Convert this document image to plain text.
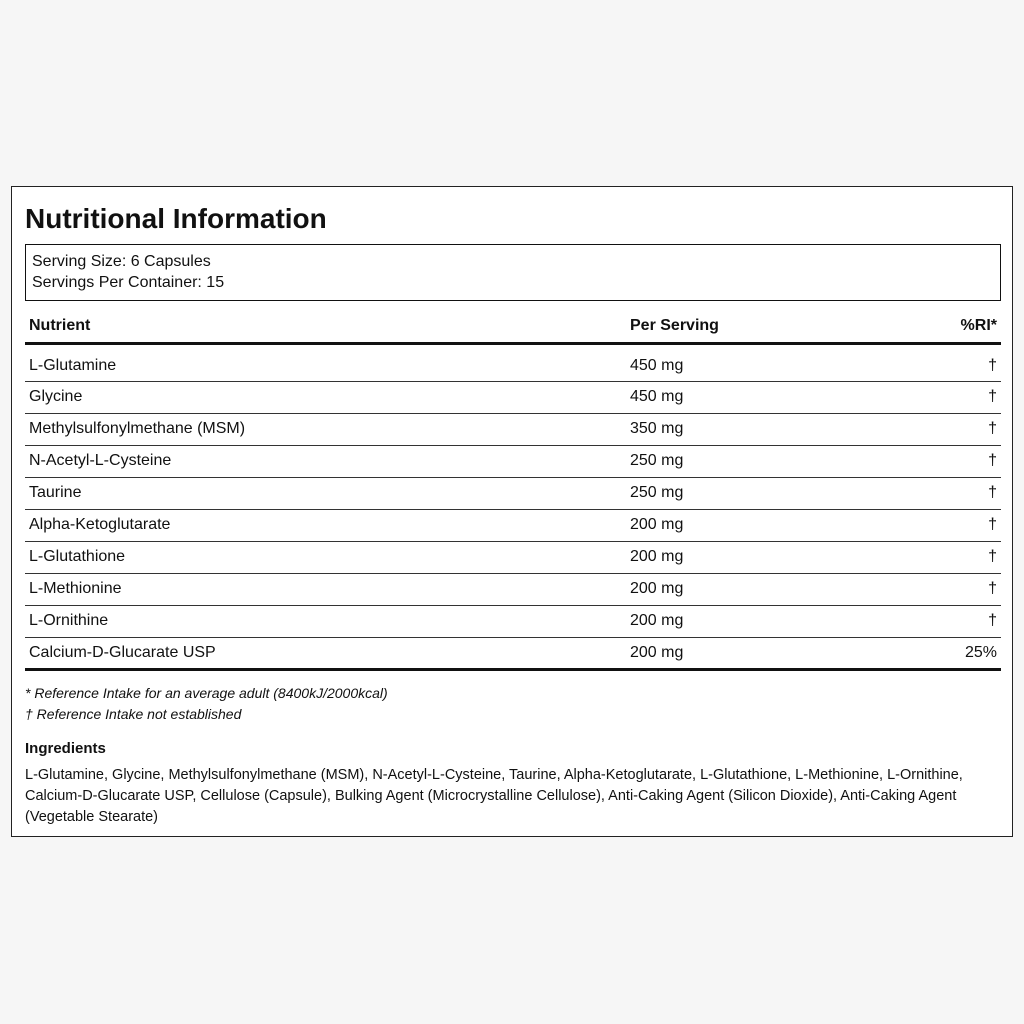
Nutritional Information
Serving Size: 6 Capsules
Servings Per Container: 15
Nutrient	Per Serving	%RI*
L-Glutamine	450 mg	†
Glycine	450 mg	†
Methylsulfonylmethane (MSM)	350 mg	†
N-Acetyl-L-Cysteine	250 mg	†
Taurine	250 mg	†
Alpha-Ketoglutarate	200 mg	†
L-Glutathione	200 mg	†
L-Methionine	200 mg	†
L-Ornithine	200 mg	†
Calcium-D-Glucarate USP	200 mg	25%
* Reference Intake for an average adult (8400kJ/2000kcal)
† Reference Intake not established
Ingredients

L-Glutamine, Glycine, Methylsulfonylmethane (MSM), N-Acetyl-L-Cysteine, Taurine, Alpha-Ketoglutarate, L-Glutathione, L-Methionine, L-Ornithine, Calcium-D-Glucarate USP, Cellulose (Capsule), Bulking Agent (Microcrystalline Cellulose), Anti-Caking Agent (Silicon Dioxide), Anti-Caking Agent (Vegetable Stearate)
